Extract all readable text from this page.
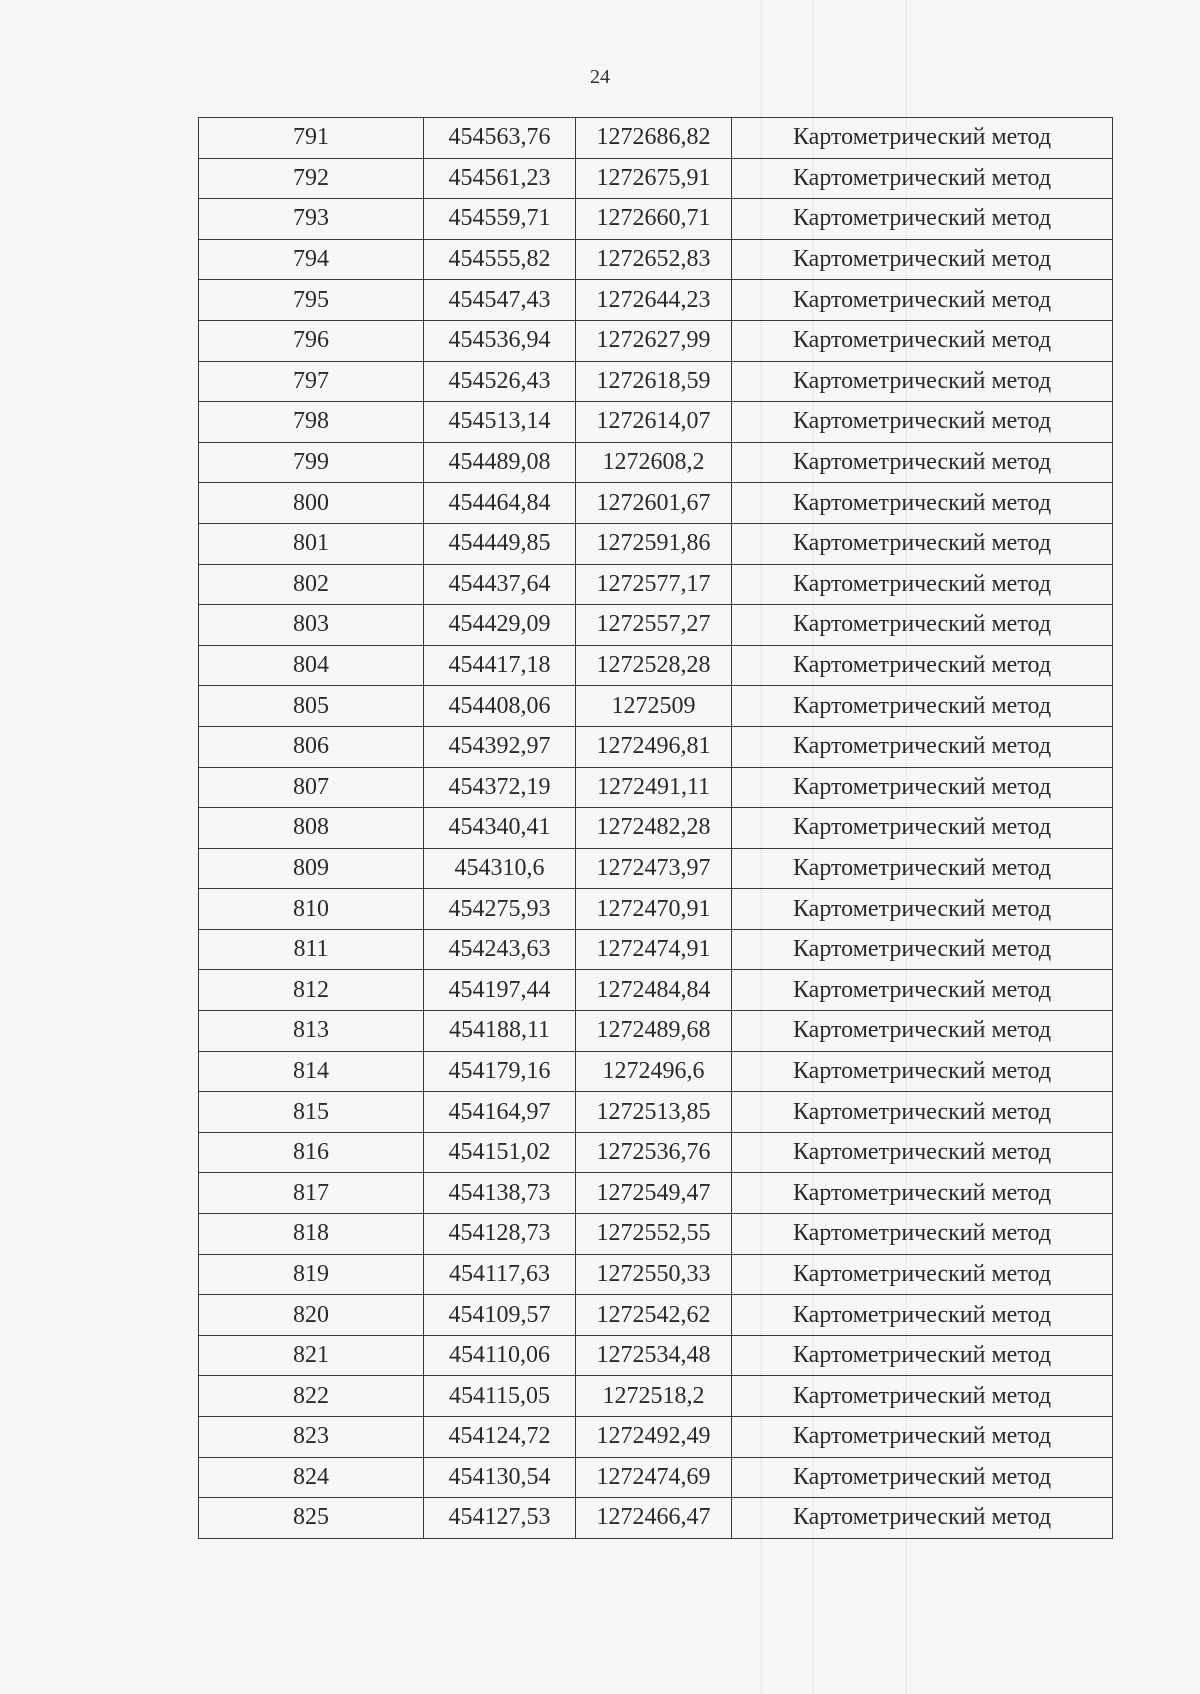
24
791	454563,76	1272686,82	Картометрический метод
792	454561,23	1272675,91	Картометрический метод
793	454559,71	1272660,71	Картометрический метод
794	454555,82	1272652,83	Картометрический метод
795	454547,43	1272644,23	Картометрический метод
796	454536,94	1272627,99	Картометрический метод
797	454526,43	1272618,59	Картометрический метод
798	454513,14	1272614,07	Картометрический метод
799	454489,08	1272608,2	Картометрический метод
800	454464,84	1272601,67	Картометрический метод
801	454449,85	1272591,86	Картометрический метод
802	454437,64	1272577,17	Картометрический метод
803	454429,09	1272557,27	Картометрический метод
804	454417,18	1272528,28	Картометрический метод
805	454408,06	1272509	Картометрический метод
806	454392,97	1272496,81	Картометрический метод
807	454372,19	1272491,11	Картометрический метод
808	454340,41	1272482,28	Картометрический метод
809	454310,6	1272473,97	Картометрический метод
810	454275,93	1272470,91	Картометрический метод
811	454243,63	1272474,91	Картометрический метод
812	454197,44	1272484,84	Картометрический метод
813	454188,11	1272489,68	Картометрический метод
814	454179,16	1272496,6	Картометрический метод
815	454164,97	1272513,85	Картометрический метод
816	454151,02	1272536,76	Картометрический метод
817	454138,73	1272549,47	Картометрический метод
818	454128,73	1272552,55	Картометрический метод
819	454117,63	1272550,33	Картометрический метод
820	454109,57	1272542,62	Картометрический метод
821	454110,06	1272534,48	Картометрический метод
822	454115,05	1272518,2	Картометрический метод
823	454124,72	1272492,49	Картометрический метод
824	454130,54	1272474,69	Картометрический метод
825	454127,53	1272466,47	Картометрический метод
